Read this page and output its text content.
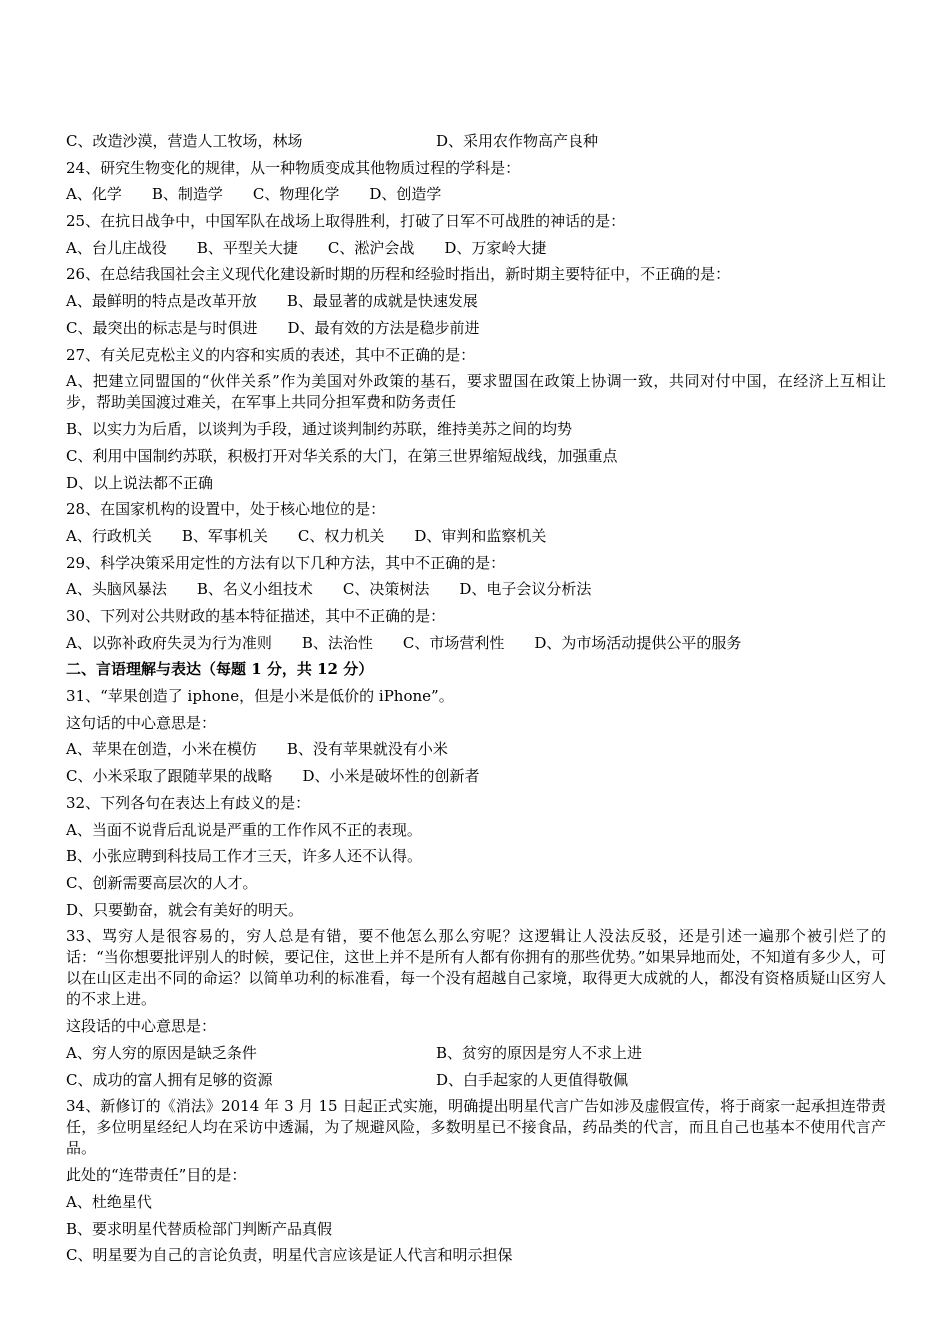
C、改造沙漠，营造人工牧场，林场	D、采用农作物高产良种
24、研究生物变化的规律，从一种物质变成其他物质过程的学科是：
A、化学 B、制造学 C、物理化学 D、创造学
25、在抗日战争中，中国军队在战场上取得胜利，打破了日军不可战胜的神话的是：
A、台儿庄战役 B、平型关大捷 C、淞沪会战 D、万家岭大捷
26、在总结我国社会主义现代化建设新时期的历程和经验时指出，新时期主要特征中，不正确的是：
A、最鲜明的特点是改革开放 B、最显著的成就是快速发展
C、最突出的标志是与时俱进 D、最有效的方法是稳步前进
27、有关尼克松主义的内容和实质的表述，其中不正确的是：
A、把建立同盟国的“伙伴关系”作为美国对外政策的基石，要求盟国在政策上协调一致，共同对付中国，在经济上互相让步，帮助美国渡过难关，在军事上共同分担军费和防务责任
B、以实力为后盾，以谈判为手段，通过谈判制约苏联，维持美苏之间的均势
C、利用中国制约苏联，积极打开对华关系的大门，在第三世界缩短战线，加强重点
D、以上说法都不正确
28、在国家机构的设置中，处于核心地位的是：
A、行政机关 B、军事机关 C、权力机关 D、审判和监察机关
29、科学决策采用定性的方法有以下几种方法，其中不正确的是：
A、头脑风暴法 B、名义小组技术 C、决策树法 D、电子会议分析法
30、下列对公共财政的基本特征描述，其中不正确的是：
A、以弥补政府失灵为行为准则 B、法治性 C、市场营利性 D、为市场活动提供公平的服务
二、言语理解与表达（每题 1 分，共 12 分）
31、“苹果创造了 iphone，但是小米是低价的 iPhone”。
这句话的中心意思是：
A、苹果在创造，小米在模仿 B、没有苹果就没有小米
C、小米采取了跟随苹果的战略 D、小米是破坏性的创新者
32、下列各句在表达上有歧义的是：
A、当面不说背后乱说是严重的工作作风不正的表现。
B、小张应聘到科技局工作才三天，许多人还不认得。
C、创新需要高层次的人才。
D、只要勤奋，就会有美好的明天。
33、骂穷人是很容易的，穷人总是有错，要不他怎么那么穷呢？这逻辑让人没法反驳，还是引述一遍那个被引烂了的话：“当你想要批评别人的时候，要记住，这世上并不是所有人都有你拥有的那些优势。”如果异地而处，不知道有多少人，可以在山区走出不同的命运？以简单功利的标准看，每一个没有超越自己家境，取得更大成就的人，都没有资格质疑山区穷人的不求上进。
这段话的中心意思是：
A、穷人穷的原因是缺乏条件	B、贫穷的原因是穷人不求上进
C、成功的富人拥有足够的资源	D、白手起家的人更值得敬佩
34、新修订的《消法》2014 年 3 月 15 日起正式实施，明确提出明星代言广告如涉及虚假宣传，将于商家一起承担连带责任，多位明星经纪人均在采访中透漏，为了规避风险，多数明星已不接食品，药品类的代言，而且自己也基本不使用代言产品。
此处的“连带责任”目的是：
A、杜绝星代
B、要求明星代替质检部门判断产品真假
C、明星要为自己的言论负责，明星代言应该是证人代言和明示担保
